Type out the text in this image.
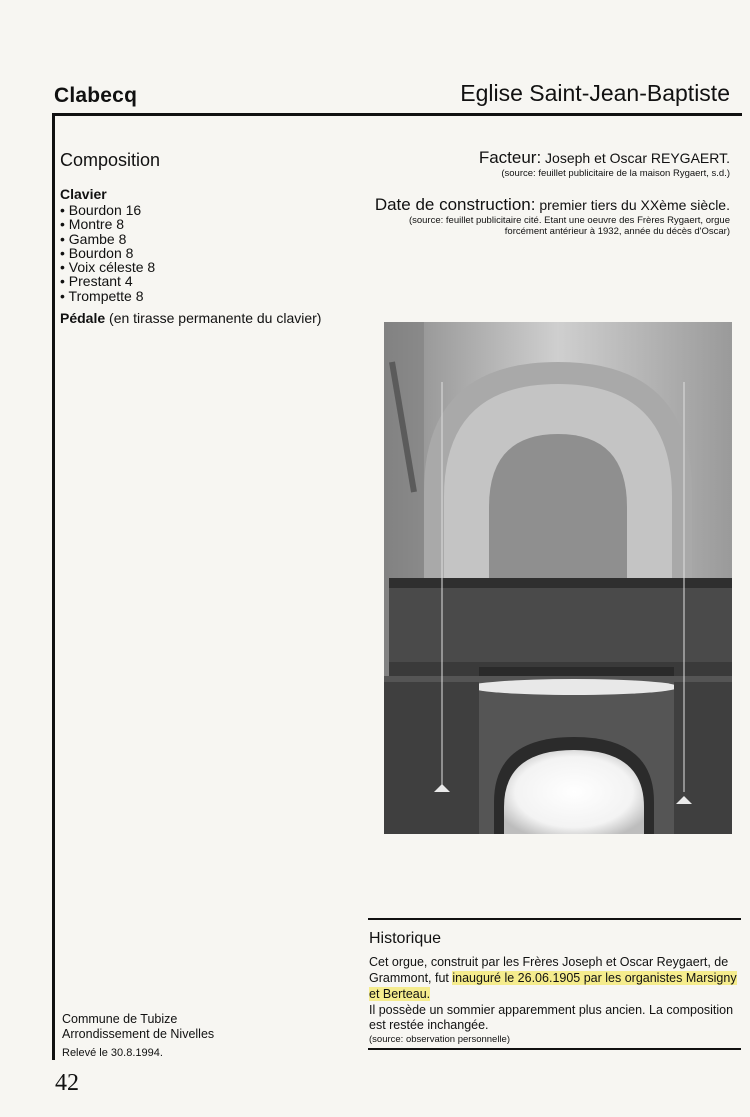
Clabecq	Eglise Saint-Jean-Baptiste
Composition
Clavier
• Bourdon 16
• Montre 8
• Gambe 8
• Bourdon 8
• Voix céleste 8
• Prestant 4
• Trompette 8
Pédale (en tirasse permanente du clavier)
Facteur: Joseph et Oscar REYGAERT.
(source: feuillet publicitaire de la maison Rygaert, s.d.)
Date de construction: premier tiers du XXème siècle.
(source: feuillet publicitaire cité. Etant une oeuvre des Frères Rygaert, orgue
forcément antérieur à 1932, année du décès d'Oscar)
Historique
Cet orgue, construit par les Frères Joseph et Oscar Reygaert, de Grammont, fut inauguré le 26.06.1905 par les organistes Marsigny et Berteau.
Il possède un sommier apparemment plus ancien. La composition est restée inchangée.
(source: observation personnelle)
Commune de Tubize
Arrondissement de Nivelles
Relevé le 30.8.1994.
42
